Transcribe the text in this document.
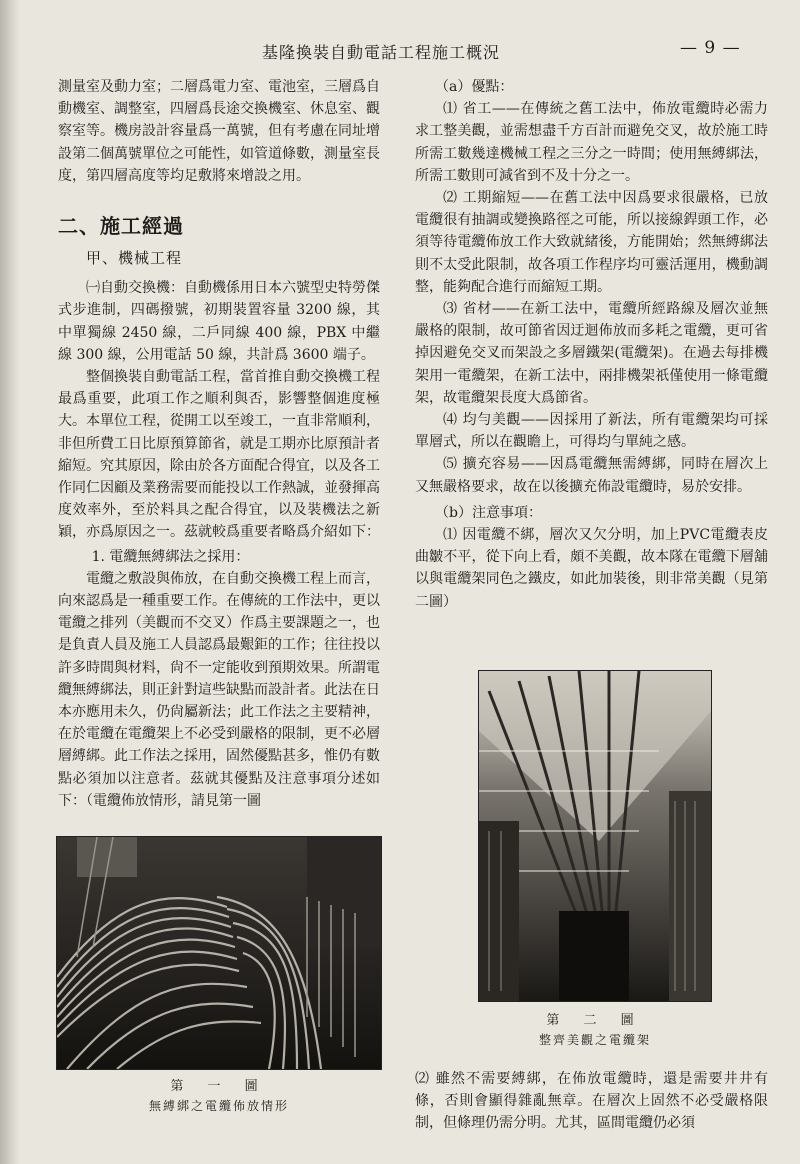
基隆換裝自動電話工程施工概況	— 9 —

測量室及動力室；二層爲電力室、電池室，三層爲自動機室、調整室，四層爲長途交換機室、休息室、觀察室等。機房設計容量爲一萬號，但有考慮在同址增設第二個萬號單位之可能性，如管道條數，測量室長度，第四層高度等均足敷將來增設之用。

二、施工經過

甲、機械工程

㈠自動交換機：自動機係用日本六號型史特勞傑式步進制，四碼撥號，初期裝置容量 3200 線，其中單獨線 2450 線，二戶同線 400 線，PBX 中繼線 300 線，公用電話 50 線，共計爲 3600 端子。

整個換裝自動電話工程，當首推自動交換機工程最爲重要，此項工作之順利與否，影響整個進度極大。本單位工程，從開工以至竣工，一直非常順利，非但所費工日比原預算節省，就是工期亦比原預計者縮短。究其原因，除由於各方面配合得宜，以及各工作同仁因顧及業務需要而能投以工作熱誠，並發揮高度效率外，至於料具之配合得宜，以及裝機法之新穎，亦爲原因之一。茲就較爲重要者略爲介紹如下：

1. 電纜無縛綁法之採用：

電纜之敷設與佈放，在自動交換機工程上而言，向來認爲是一種重要工作。在傳統的工作法中，更以電纜之排列（美觀而不交叉）作爲主要課題之一，也是負責人員及施工人員認爲最艱鉅的工作；往往投以許多時間與材料，尙不一定能收到預期效果。所謂電纜無縛綁法，則正針對這些缺點而設計者。此法在日本亦應用未久，仍尙屬新法；此工作法之主要精神，在於電纜在電纜架上不必受到嚴格的限制，更不必層層縛綁。此工作法之採用，固然優點甚多，惟仍有數點必須加以注意者。茲就其優點及注意事項分述如下：（電纜佈放情形，請見第一圖

第 一 圖
無縛綁之電纜佈放情形

（a）優點：

⑴ 省工——在傳統之舊工法中，佈放電纜時必需力求工整美觀，並需想盡千方百計而避免交叉，故於施工時所需工數幾達機械工程之三分之一時間；使用無縛綁法，所需工數則可減省到不及十分之一。

⑵ 工期縮短——在舊工法中因爲要求很嚴格，已放電纜很有抽調或變換路徑之可能，所以接線銲頭工作，必須等待電纜佈放工作大致就緒後，方能開始；然無縛綁法則不太受此限制，故各項工作程序均可靈活運用，機動調整，能夠配合進行而縮短工期。

⑶ 省材——在新工法中，電纜所經路線及層次並無嚴格的限制，故可節省因迂迴佈放而多耗之電纜，更可省掉因避免交叉而架設之多層鐵架(電纜架)。在過去每排機架用一電纜架，在新工法中，兩排機架祇僅使用一條電纜架，故電纜架長度大爲節省。

⑷ 均勻美觀——因採用了新法，所有電纜架均可採單層式，所以在觀瞻上，可得均勻單純之感。

⑸ 擴充容易——因爲電纜無需縛綁，同時在層次上又無嚴格要求，故在以後擴充佈設電纜時，易於安排。

（b）注意事項：

⑴ 因電纜不綁，層次又欠分明，加上PVC電纜表皮曲皺不平，從下向上看，頗不美觀，故本隊在電纜下層舖以與電纜架同色之鐵皮，如此加裝後，則非常美觀（見第二圖）

第 二 圖
整齊美觀之電纜架

⑵ 雖然不需要縛綁，在佈放電纜時，還是需要井井有條，否則會顯得雜亂無章。在層次上固然不必受嚴格限制，但條理仍需分明。尤其，區間電纜仍必須
